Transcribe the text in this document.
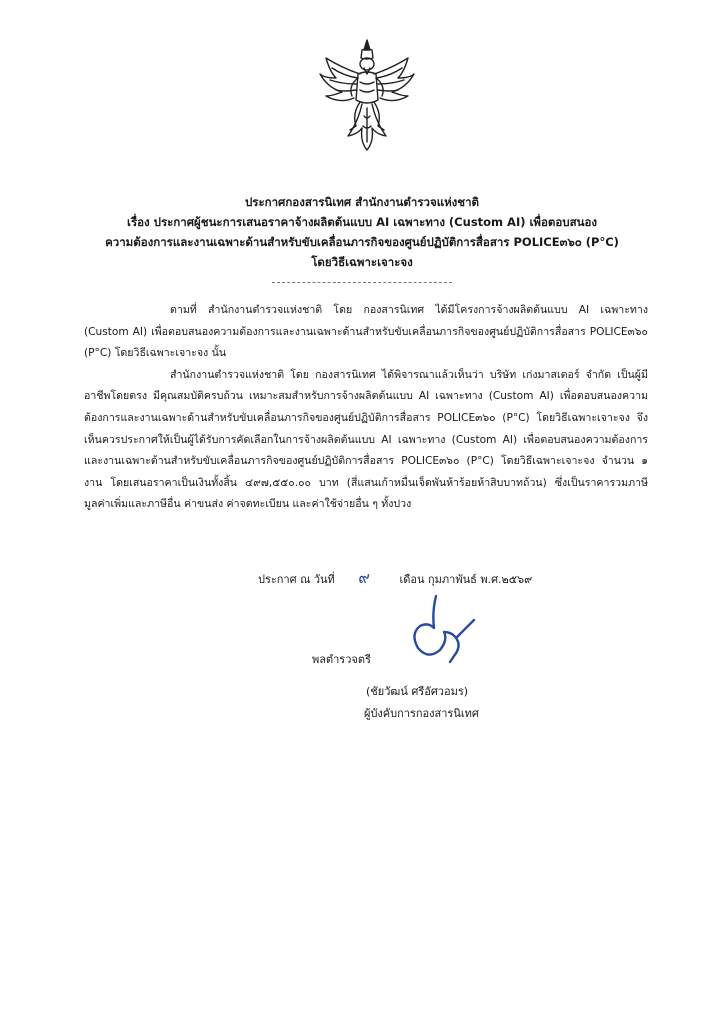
ประกาศกองสารนิเทศ สำนักงานตำรวจแห่งชาติ
เรื่อง ประกาศผู้ชนะการเสนอราคาจ้างผลิตต้นแบบ AI เฉพาะทาง (Custom AI) เพื่อตอบสนอง
ความต้องการและงานเฉพาะด้านสำหรับขับเคลื่อนภารกิจของศูนย์ปฏิบัติการสื่อสาร POLICE๓๖๐ (P°C)
โดยวิธีเฉพาะเจาะจง

ตามที่ สำนักงานตำรวจแห่งชาติ โดย กองสารนิเทศ ได้มีโครงการจ้างผลิตต้นแบบ AI เฉพาะทาง (Custom AI) เพื่อตอบสนองความต้องการและงานเฉพาะด้านสำหรับขับเคลื่อนภารกิจของศูนย์ปฏิบัติการสื่อสาร POLICE๓๖๐ (P°C) โดยวิธีเฉพาะเจาะจง นั้น

สำนักงานตำรวจแห่งชาติ โดย กองสารนิเทศ ได้พิจารณาแล้วเห็นว่า บริษัท เก่งมาสเตอร์ จำกัด เป็นผู้มีอาชีพโดยตรง มีคุณสมบัติครบถ้วน เหมาะสมสำหรับการจ้างผลิตต้นแบบ AI เฉพาะทาง (Custom AI) เพื่อตอบสนองความต้องการและงานเฉพาะด้านสำหรับขับเคลื่อนภารกิจของศูนย์ปฏิบัติการสื่อสาร POLICE๓๖๐ (P°C) โดยวิธีเฉพาะเจาะจง จึงเห็นควรประกาศให้เป็นผู้ได้รับการคัดเลือกในการจ้างผลิตต้นแบบ AI เฉพาะทาง (Custom AI) เพื่อตอบสนองความต้องการและงานเฉพาะด้านสำหรับขับเคลื่อนภารกิจของศูนย์ปฏิบัติการสื่อสาร POLICE๓๖๐ (P°C) โดยวิธีเฉพาะเจาะจง จำนวน ๑ งาน โดยเสนอราคาเป็นเงินทั้งสิ้น ๔๙๗,๕๕๐.๐๐ บาท (สี่แสนเก้าหมื่นเจ็ดพันห้าร้อยห้าสิบบาทถ้วน) ซึ่งเป็นราคารวมภาษีมูลค่าเพิ่มและภาษีอื่น ค่าขนส่ง ค่าจดทะเบียน และค่าใช้จ่ายอื่น ๆ ทั้งปวง

ประกาศ ณ วันที่ ๙	เดือน กุมภาพันธ์ พ.ศ.๒๕๖๙
พลตำรวจตรี
(ชัยวัฒน์ ศรีอัศวอมร)
ผู้บังคับการกองสารนิเทศ
